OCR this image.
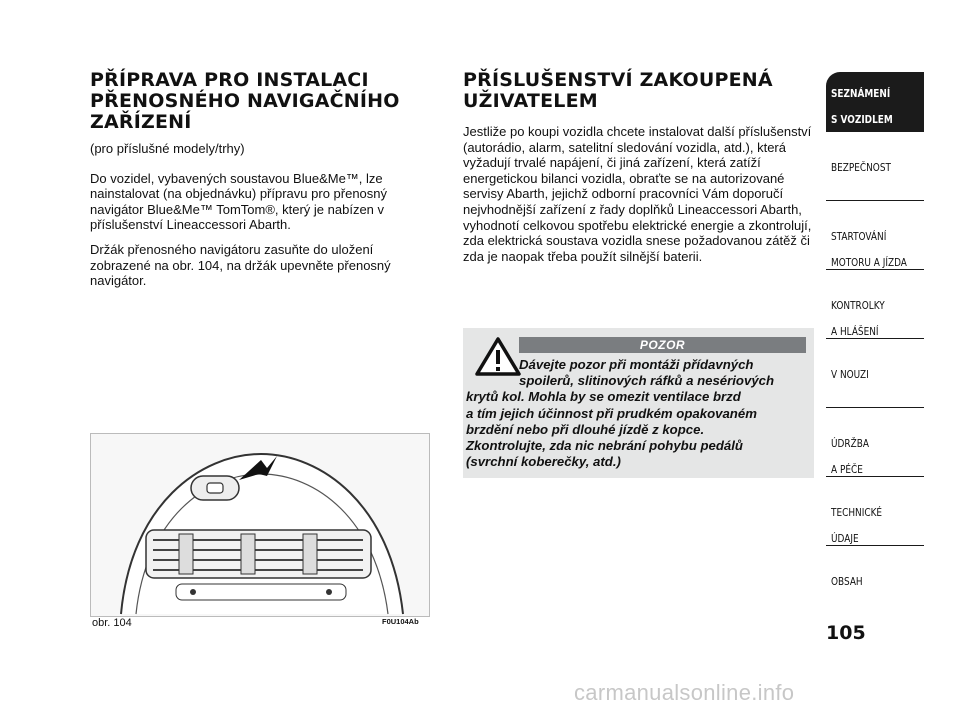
PŘÍPRAVA PRO INSTALACI
PŘENOSNÉHO NAVIGAČNÍHO
ZAŘÍZENÍ

(pro příslušné modely/trhy)

Do vozidel, vybavených soustavou Blue&Me™, lze nainstalovat (na objednávku) přípravu pro přenosný navigátor Blue&Me™ TomTom®, který je nabízen v příslušenství Lineaccessori Abarth.

Držák přenosného navigátoru zasuňte do uložení zobrazené na obr. 104, na držák upevněte přenosný navigátor.

PŘÍSLUŠENSTVÍ ZAKOUPENÁ
UŽIVATELEM

Jestliže po koupi vozidla chcete instalovat další příslušenství (autorádio, alarm, satelitní sledování vozidla, atd.), která vyžadují trvalé napájení, či jiná zařízení, která zatíží energetickou bilanci vozidla, obraťte se na autorizované servisy Abarth, jejichž odborní pracovníci Vám doporučí nejvhodnější zařízení z řady doplňků Lineaccessori Abarth, vyhodnotí celkovou spotřebu elektrické energie a zkontrolují, zda elektrická soustava vozidla snese požadovanou zátěž či zda je naopak třeba použít silnější baterii.

POZOR
Dávejte pozor při montáži přídavných
spoilerů, slitinových ráfků a nesériových
krytů kol. Mohla by se omezit ventilace brzd
a tím jejich účinnost při prudkém opakovaném
brzdění nebo při dlouhé jízdě z kopce.
Zkontrolujte, zda nic nebrání pohybu pedálů
(svrchní koberečky, atd.)
obr. 104	F0U104Ab
SEZNÁMENÍ

S VOZIDLEM
BEZPEČNOST
STARTOVÁNÍ

MOTORU A JÍZDA
KONTROLKY

A HLÁŠENÍ
V NOUZI
ÚDRŽBA

A PÉČE
TECHNICKÉ

ÚDAJE
OBSAH
105
carmanualsonline.info
